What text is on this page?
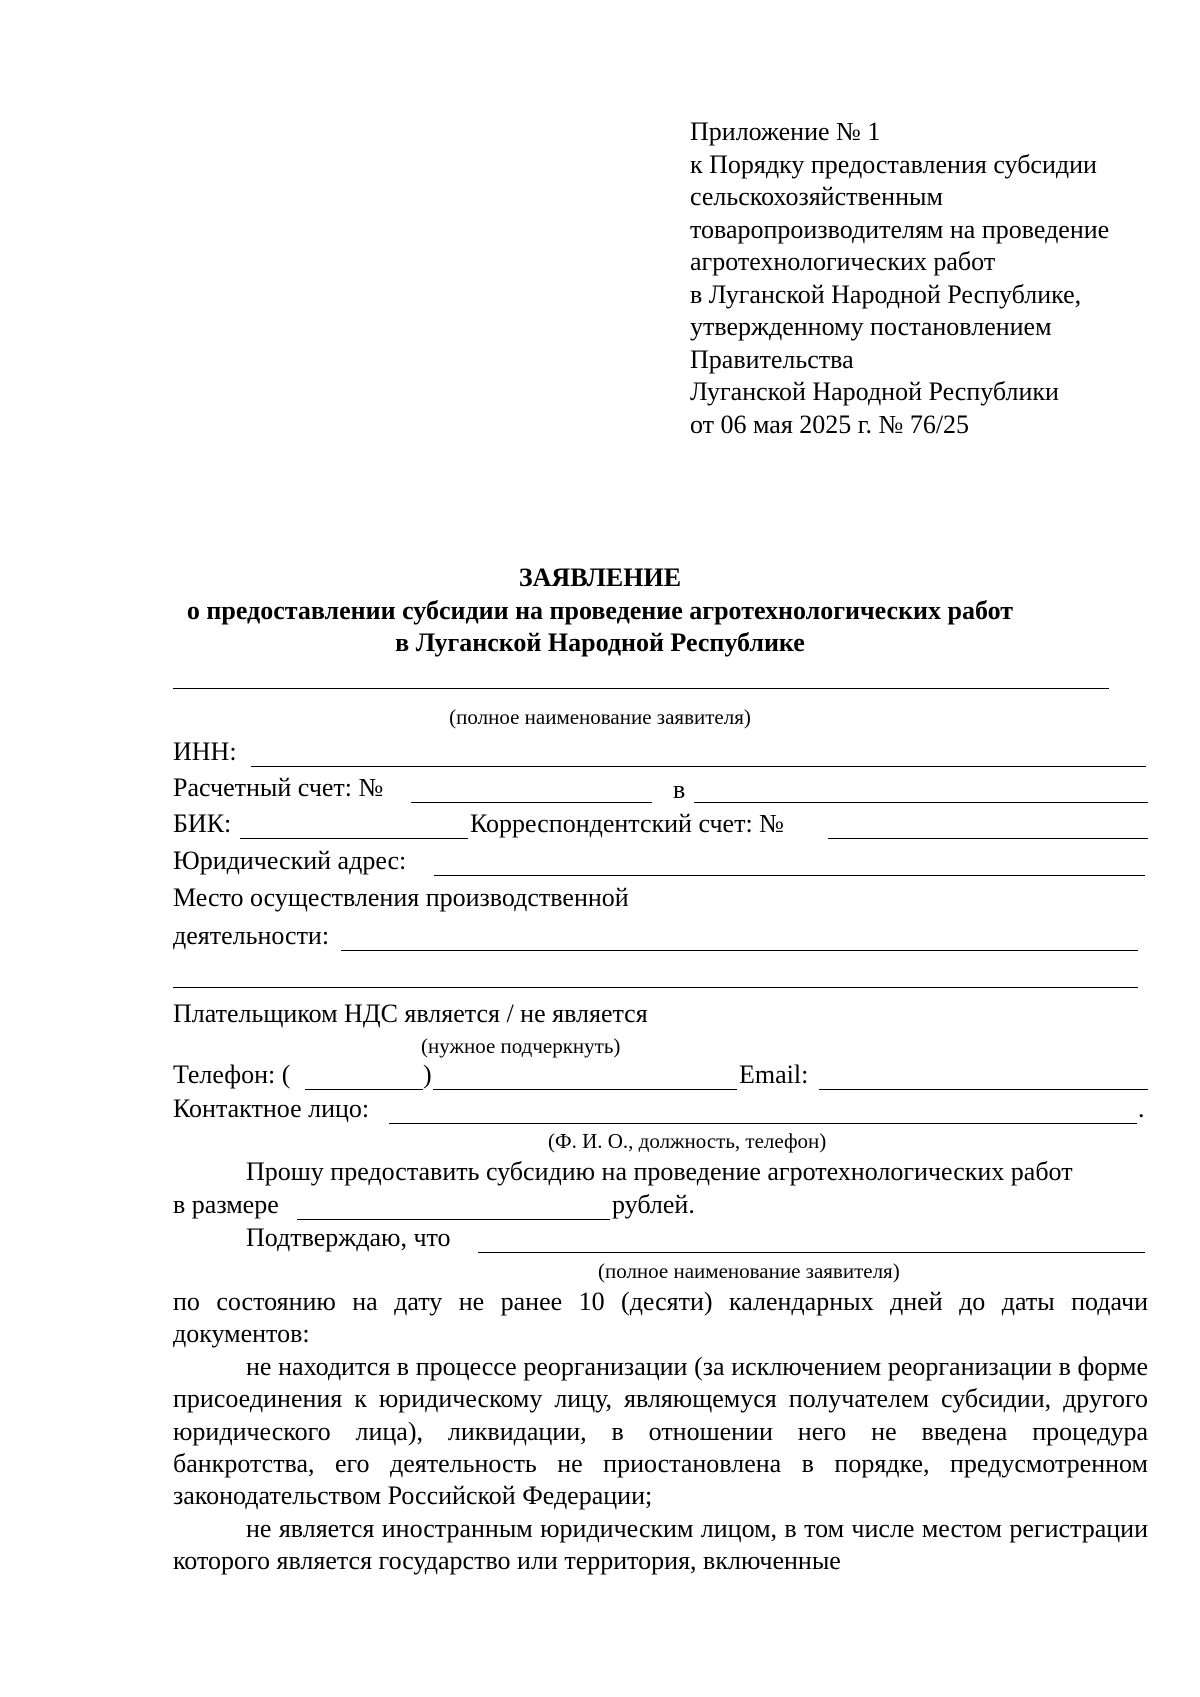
Приложение № 1
к Порядку предоставления субсидии
сельскохозяйственным
товаропроизводителям на проведение
агротехнологических работ
в Луганской Народной Республике,
утвержденному постановлением
Правительства
Луганской Народной Республики
от 06 мая 2025 г. № 76/25
ЗАЯВЛЕНИЕ
о предоставлении субсидии на проведение агротехнологических работ
в Луганской Народной Республике
(полное наименование заявителя)
ИНН:
Расчетный счет: №	в
БИК:	Корреспондентский счет: №
Юридический адрес:
Место осуществления производственной
деятельности:
Плательщиком НДС является / не является
(нужное подчеркнуть)
Телефон: (	)	Email:
Контактное лицо:	.
(Ф. И. О., должность, телефон)
Прошу предоставить субсидию на проведение агротехнологических работ
в размере	рублей.
Подтверждаю, что
(полное наименование заявителя)

по состоянию на дату не ранее 10 (десяти) календарных дней до даты подачи документов:

не находится в процессе реорганизации (за исключением реорганизации в форме присоединения к юридическому лицу, являющемуся получателем субсидии, другого юридического лица), ликвидации, в отношении него не введена процедура банкротства, его деятельность не приостановлена в порядке, предусмотренном законодательством Российской Федерации;

не является иностранным юридическим лицом, в том числе местом регистрации которого является государство или территория, включенные
